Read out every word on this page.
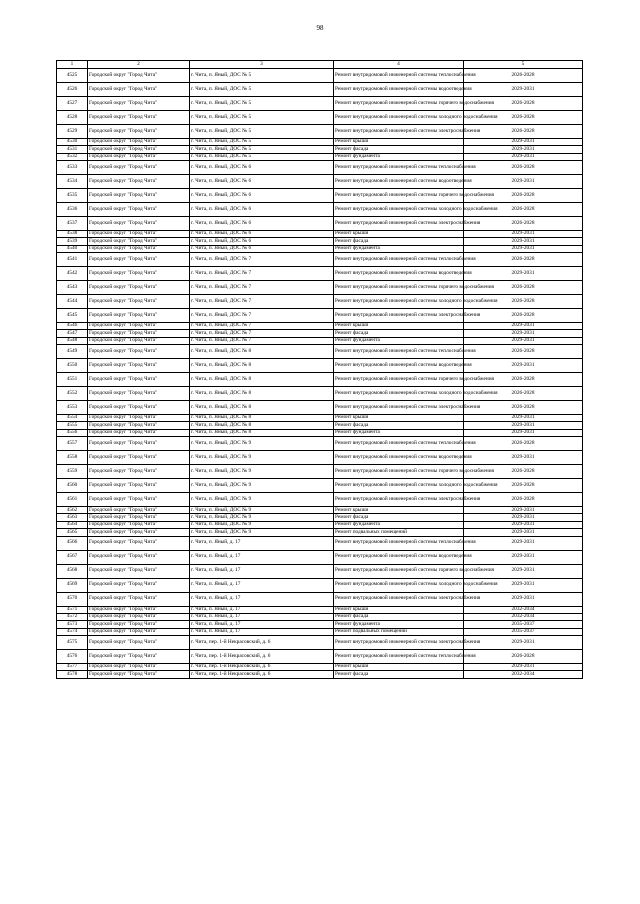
98
1	2	3	4	5
4525	Городской округ "Город Чита"	г. Чита, п. Яный, ДОС № 5	Ремонт внутридомовой инженерной системы теплоснабжения	2026-2028
4526	Городской округ "Город Чита"	г. Чита, п. Яный, ДОС № 5	Ремонт внутридомовой инженерной системы водоотведения	2029-2031
4527	Городской округ "Город Чита"	г. Чита, п. Яный, ДОС № 5	Ремонт внутридомовой инженерной системы горячего водоснабжения	2026-2028
4528	Городской округ "Город Чита"	г. Чита, п. Яный, ДОС № 5	Ремонт внутридомовой инженерной системы холодного водоснабжения	2026-2028
4529	Городской округ "Город Чита"	г. Чита, п. Яный, ДОС № 5	Ремонт внутридомовой инженерной системы электроснабжения	2026-2028
4530	Городской округ "Город Чита"	г. Чита, п. Яный, ДОС № 5	Ремонт крыши	2029-2031
4531	Городской округ "Город Чита"	г. Чита, п. Яный, ДОС № 5	Ремонт фасада	2029-2031
4532	Городской округ "Город Чита"	г. Чита, п. Яный, ДОС № 5	Ремонт фундамента	2029-2031
4533	Городской округ "Город Чита"	г. Чита, п. Яный, ДОС № 6	Ремонт внутридомовой инженерной системы теплоснабжения	2026-2028
4534	Городской округ "Город Чита"	г. Чита, п. Яный, ДОС № 6	Ремонт внутридомовой инженерной системы водоотведения	2029-2031
4535	Городской округ "Город Чита"	г. Чита, п. Яный, ДОС № 6	Ремонт внутридомовой инженерной системы горячего водоснабжения	2026-2028
4536	Городской округ "Город Чита"	г. Чита, п. Яный, ДОС № 6	Ремонт внутридомовой инженерной системы холодного водоснабжения	2026-2028
4537	Городской округ "Город Чита"	г. Чита, п. Яный, ДОС № 6	Ремонт внутридомовой инженерной системы электроснабжения	2026-2028
4538	Городской округ "Город Чита"	г. Чита, п. Яный, ДОС № 6	Ремонт крыши	2029-2031
4539	Городской округ "Город Чита"	г. Чита, п. Яный, ДОС № 6	Ремонт фасада	2029-2031
4540	Городской округ "Город Чита"	г. Чита, п. Яный, ДОС № 6	Ремонт фундамента	2029-2031
4541	Городской округ "Город Чита"	г. Чита, п. Яный, ДОС № 7	Ремонт внутридомовой инженерной системы теплоснабжения	2026-2028
4542	Городской округ "Город Чита"	г. Чита, п. Яный, ДОС № 7	Ремонт внутридомовой инженерной системы водоотведения	2029-2031
4543	Городской округ "Город Чита"	г. Чита, п. Яный, ДОС № 7	Ремонт внутридомовой инженерной системы горячего водоснабжения	2026-2028
4544	Городской округ "Город Чита"	г. Чита, п. Яный, ДОС № 7	Ремонт внутридомовой инженерной системы холодного водоснабжения	2026-2028
4545	Городской округ "Город Чита"	г. Чита, п. Яный, ДОС № 7	Ремонт внутридомовой инженерной системы электроснабжения	2026-2028
4546	Городской округ "Город Чита"	г. Чита, п. Яный, ДОС № 7	Ремонт крыши	2029-2031
4547	Городской округ "Город Чита"	г. Чита, п. Яный, ДОС № 7	Ремонт фасада	2029-2031
4548	Городской округ "Город Чита"	г. Чита, п. Яный, ДОС № 7	Ремонт фундамента	2029-2031
4549	Городской округ "Город Чита"	г. Чита, п. Яный, ДОС № 8	Ремонт внутридомовой инженерной системы теплоснабжения	2026-2028
4550	Городской округ "Город Чита"	г. Чита, п. Яный, ДОС № 8	Ремонт внутридомовой инженерной системы водоотведения	2029-2031
4551	Городской округ "Город Чита"	г. Чита, п. Яный, ДОС № 8	Ремонт внутридомовой инженерной системы горячего водоснабжения	2026-2028
4552	Городской округ "Город Чита"	г. Чита, п. Яный, ДОС № 8	Ремонт внутридомовой инженерной системы холодного водоснабжения	2026-2028
4553	Городской округ "Город Чита"	г. Чита, п. Яный, ДОС № 8	Ремонт внутридомовой инженерной системы электроснабжения	2026-2028
4554	Городской округ "Город Чита"	г. Чита, п. Яный, ДОС № 8	Ремонт крыши	2029-2031
4555	Городской округ "Город Чита"	г. Чита, п. Яный, ДОС № 8	Ремонт фасада	2029-2031
4556	Городской округ "Город Чита"	г. Чита, п. Яный, ДОС № 8	Ремонт фундамента	2029-2031
4557	Городской округ "Город Чита"	г. Чита, п. Яный, ДОС № 9	Ремонт внутридомовой инженерной системы теплоснабжения	2026-2028
4558	Городской округ "Город Чита"	г. Чита, п. Яный, ДОС № 9	Ремонт внутридомовой инженерной системы водоотведения	2029-2031
4559	Городской округ "Город Чита"	г. Чита, п. Яный, ДОС № 9	Ремонт внутридомовой инженерной системы горячего водоснабжения	2026-2028
4560	Городской округ "Город Чита"	г. Чита, п. Яный, ДОС № 9	Ремонт внутридомовой инженерной системы холодного водоснабжения	2026-2028
4561	Городской округ "Город Чита"	г. Чита, п. Яный, ДОС № 9	Ремонт внутридомовой инженерной системы электроснабжения	2026-2028
4562	Городской округ "Город Чита"	г. Чита, п. Яный, ДОС № 9	Ремонт крыши	2029-2031
4563	Городской округ "Город Чита"	г. Чита, п. Яный, ДОС № 9	Ремонт фасада	2029-2031
4564	Городской округ "Город Чита"	г. Чита, п. Яный, ДОС № 9	Ремонт фундамента	2029-2031
4565	Городской округ "Город Чита"	г. Чита, п. Яный, ДОС № 9	Ремонт подвальных помещений	2029-2031
4566	Городской округ "Город Чита"	г. Чита, п. Яный, д. 17	Ремонт внутридомовой инженерной системы теплоснабжения	2029-2031
4567	Городской округ "Город Чита"	г. Чита, п. Яный, д. 17	Ремонт внутридомовой инженерной системы водоотведения	2029-2031
4568	Городской округ "Город Чита"	г. Чита, п. Яный, д. 17	Ремонт внутридомовой инженерной системы горячего водоснабжения	2029-2031
4569	Городской округ "Город Чита"	г. Чита, п. Яный, д. 17	Ремонт внутридомовой инженерной системы холодного водоснабжения	2029-2031
4570	Городской округ "Город Чита"	г. Чита, п. Яный, д. 17	Ремонт внутридомовой инженерной системы электроснабжения	2029-2031
4571	Городской округ "Город Чита"	г. Чита, п. Яный, д. 17	Ремонт крыши	2032-2034
4572	Городской округ "Город Чита"	г. Чита, п. Яный, д. 17	Ремонт фасада	2032-2034
4573	Городской округ "Город Чита"	г. Чита, п. Яный, д. 17	Ремонт фундамента	2035-2037
4574	Городской округ "Город Чита"	г. Чита, п. Яный, д. 17	Ремонт подвальных помещений	2035-2037
4575	Городской округ "Город Чита"	г. Чита, пер. 1-й Некрасовский, д. 6	Ремонт внутридомовой инженерной системы электроснабжения	2029-2031
4576	Городской округ "Город Чита"	г. Чита, пер. 1-й Некрасовский, д. 6	Ремонт внутридомовой инженерной системы теплоснабжения	2026-2028
4577	Городской округ "Город Чита"	г. Чита, пер. 1-й Некрасовский, д. 6	Ремонт крыши	2029-2031
4578	Городской округ "Город Чита"	г. Чита, пер. 1-й Некрасовский, д. 6	Ремонт фасада	2032-2034
